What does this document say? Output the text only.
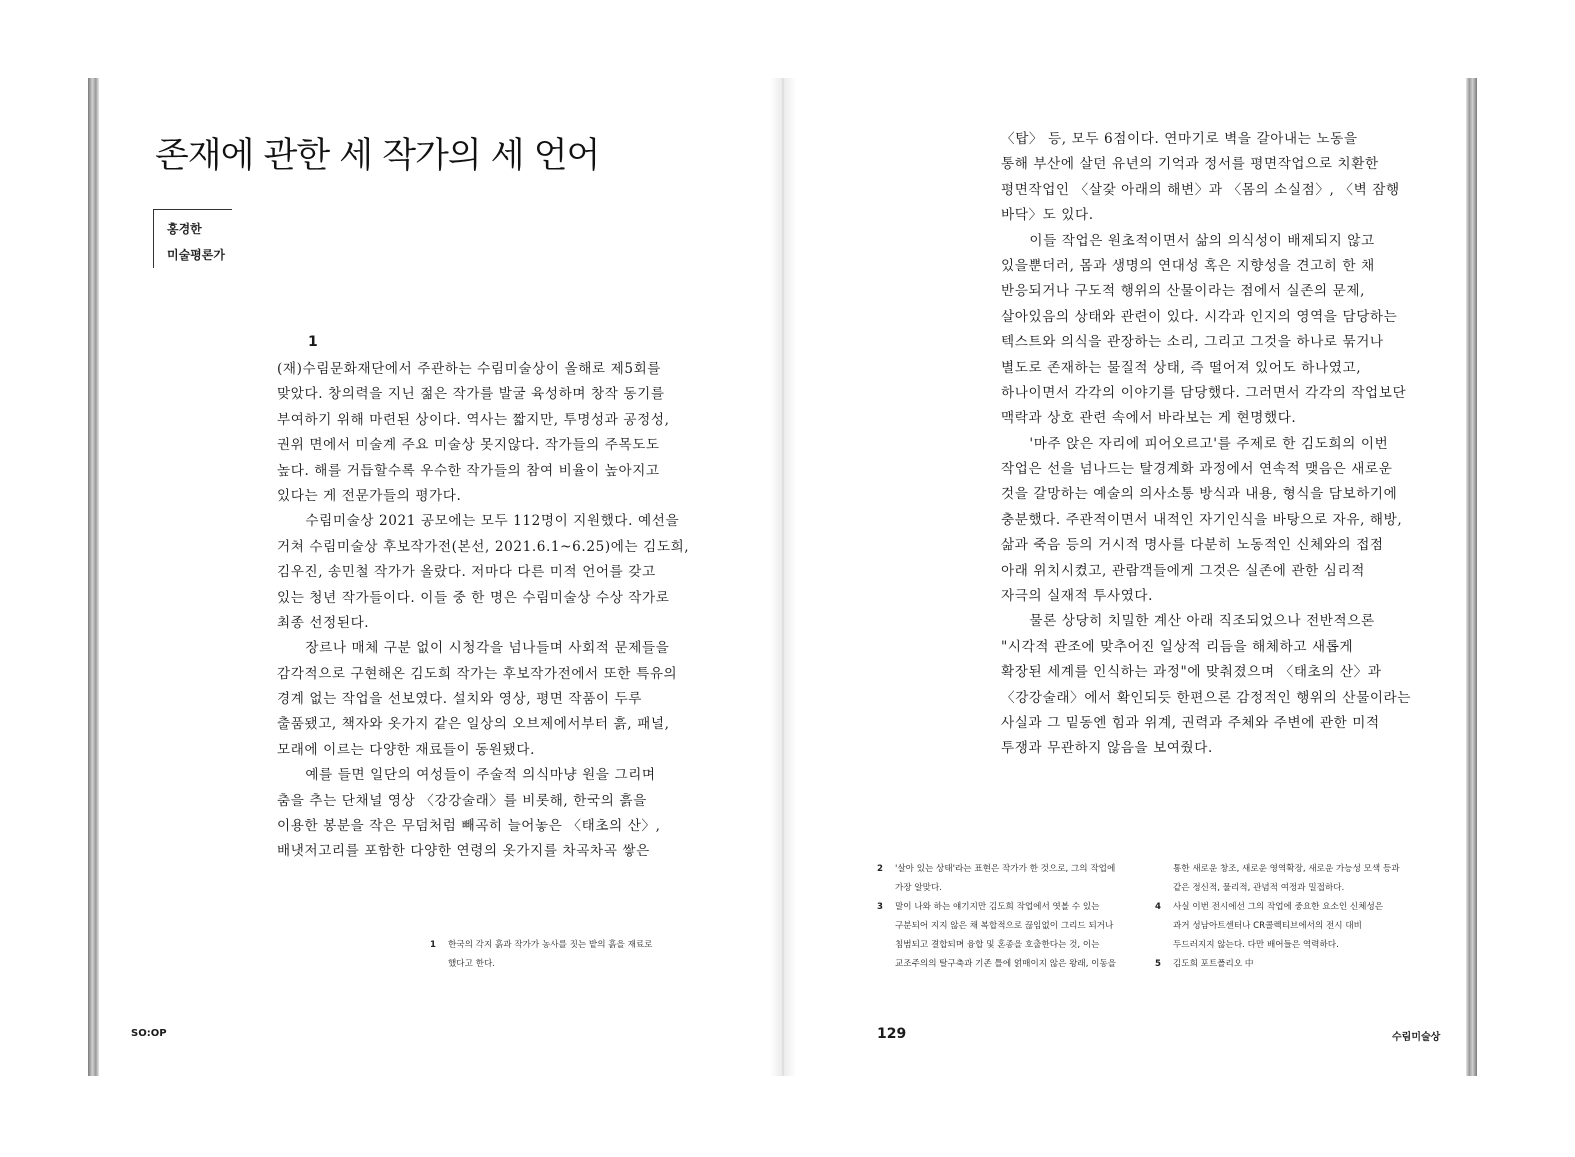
존재에 관한 세 작가의 세 언어
홍경한
미술평론가
1
(재)수림문화재단에서 주관하는 수림미술상이 올해로 제5회를
맞았다. 창의력을 지닌 젊은 작가를 발굴 육성하며 창작 동기를
부여하기 위해 마련된 상이다. 역사는 짧지만, 투명성과 공정성,
권위 면에서 미술계 주요 미술상 못지않다. 작가들의 주목도도
높다. 해를 거듭할수록 우수한 작가들의 참여 비율이 높아지고
있다는 게 전문가들의 평가다.
　　수림미술상 2021 공모에는 모두 112명이 지원했다. 예선을
거쳐 수림미술상 후보작가전(본선, 2021.6.1~6.25)에는 김도희,
김우진, 송민철 작가가 올랐다. 저마다 다른 미적 언어를 갖고
있는 청년 작가들이다. 이들 중 한 명은 수림미술상 수상 작가로
최종 선정된다.
　　장르나 매체 구분 없이 시청각을 넘나들며 사회적 문제들을
감각적으로 구현해온 김도희 작가는 후보작가전에서 또한 특유의
경계 없는 작업을 선보였다. 설치와 영상, 평면 작품이 두루
출품됐고, 책자와 옷가지 같은 일상의 오브제에서부터 흙, 패널,
모래에 이르는 다양한 재료들이 동원됐다.
　　예를 들면 일단의 여성들이 주술적 의식마냥 원을 그리며
춤을 추는 단채널 영상 〈강강술래〉를 비롯해, 한국의 흙을
이용한 봉분을 작은 무덤처럼 빼곡히 늘어놓은 〈태초의 산〉,
배냇저고리를 포함한 다양한 연령의 옷가지를 차곡차곡 쌓은
〈탑〉 등, 모두 6점이다. 연마기로 벽을 갈아내는 노동을
통해 부산에 살던 유년의 기억과 정서를 평면작업으로 치환한
평면작업인 〈살갗 아래의 해변〉과 〈몸의 소실점〉, 〈벽 잠행
바닥〉도 있다.
　　이들 작업은 원초적이면서 삶의 의식성이 배제되지 않고
있을뿐더러, 몸과 생명의 연대성 혹은 지향성을 견고히 한 채
반응되거나 구도적 행위의 산물이라는 점에서 실존의 문제,
살아있음의 상태와 관련이 있다. 시각과 인지의 영역을 담당하는
텍스트와 의식을 관장하는 소리, 그리고 그것을 하나로 묶거나
별도로 존재하는 물질적 상태, 즉 떨어져 있어도 하나였고,
하나이면서 각각의 이야기를 담당했다. 그러면서 각각의 작업보단
맥락과 상호 관련 속에서 바라보는 게 현명했다.
　　'마주 앉은 자리에 피어오르고'를 주제로 한 김도희의 이번
작업은 선을 넘나드는 탈경계화 과정에서 연속적 맺음은 새로운
것을 갈망하는 예술의 의사소통 방식과 내용, 형식을 담보하기에
충분했다. 주관적이면서 내적인 자기인식을 바탕으로 자유, 해방,
삶과 죽음 등의 거시적 명사를 다분히 노동적인 신체와의 접점
아래 위치시켰고, 관람객들에게 그것은 실존에 관한 심리적
자극의 실재적 투사였다.
　　물론 상당히 치밀한 계산 아래 직조되었으나 전반적으론
"시각적 관조에 맞추어진 일상적 리듬을 해체하고 새롭게
확장된 세계를 인식하는 과정"에 맞춰졌으며 〈태초의 산〉과
〈강강술래〉에서 확인되듯 한편으론 감정적인 행위의 산물이라는
사실과 그 밑동엔 힘과 위계, 권력과 주체와 주변에 관한 미적
투쟁과 무관하지 않음을 보여줬다.
1 한국의 각지 흙과 작가가 농사를 짓는 밭의 흙을 재료로
했다고 한다.
2 '살아 있는 상태'라는 표현은 작가가 한 것으로, 그의 작업에
가장 알맞다.
3 말이 나와 하는 얘기지만 김도희 작업에서 엿볼 수 있는
구분되어 지지 않은 채 복합적으로 끊임없이 그리드 되거나
침범되고 결합되며 융합 및 혼종을 호출한다는 것, 이는
교조주의의 탈구축과 기존 틀에 얽매이지 않은 왕래, 이동을
통한 새로운 창조, 새로운 영역확장, 새로운 가능성 모색 등과
같은 정신적, 물리적, 관념적 여정과 밀접하다.
4 사실 이번 전시에선 그의 작업에 중요한 요소인 신체성은
과거 성남아트센터나 CR콜렉티브에서의 전시 대비
두드러지지 않는다. 다만 배어들은 역력하다.
5 김도희 포트폴리오 中
SO:OP	129	수림미술상
